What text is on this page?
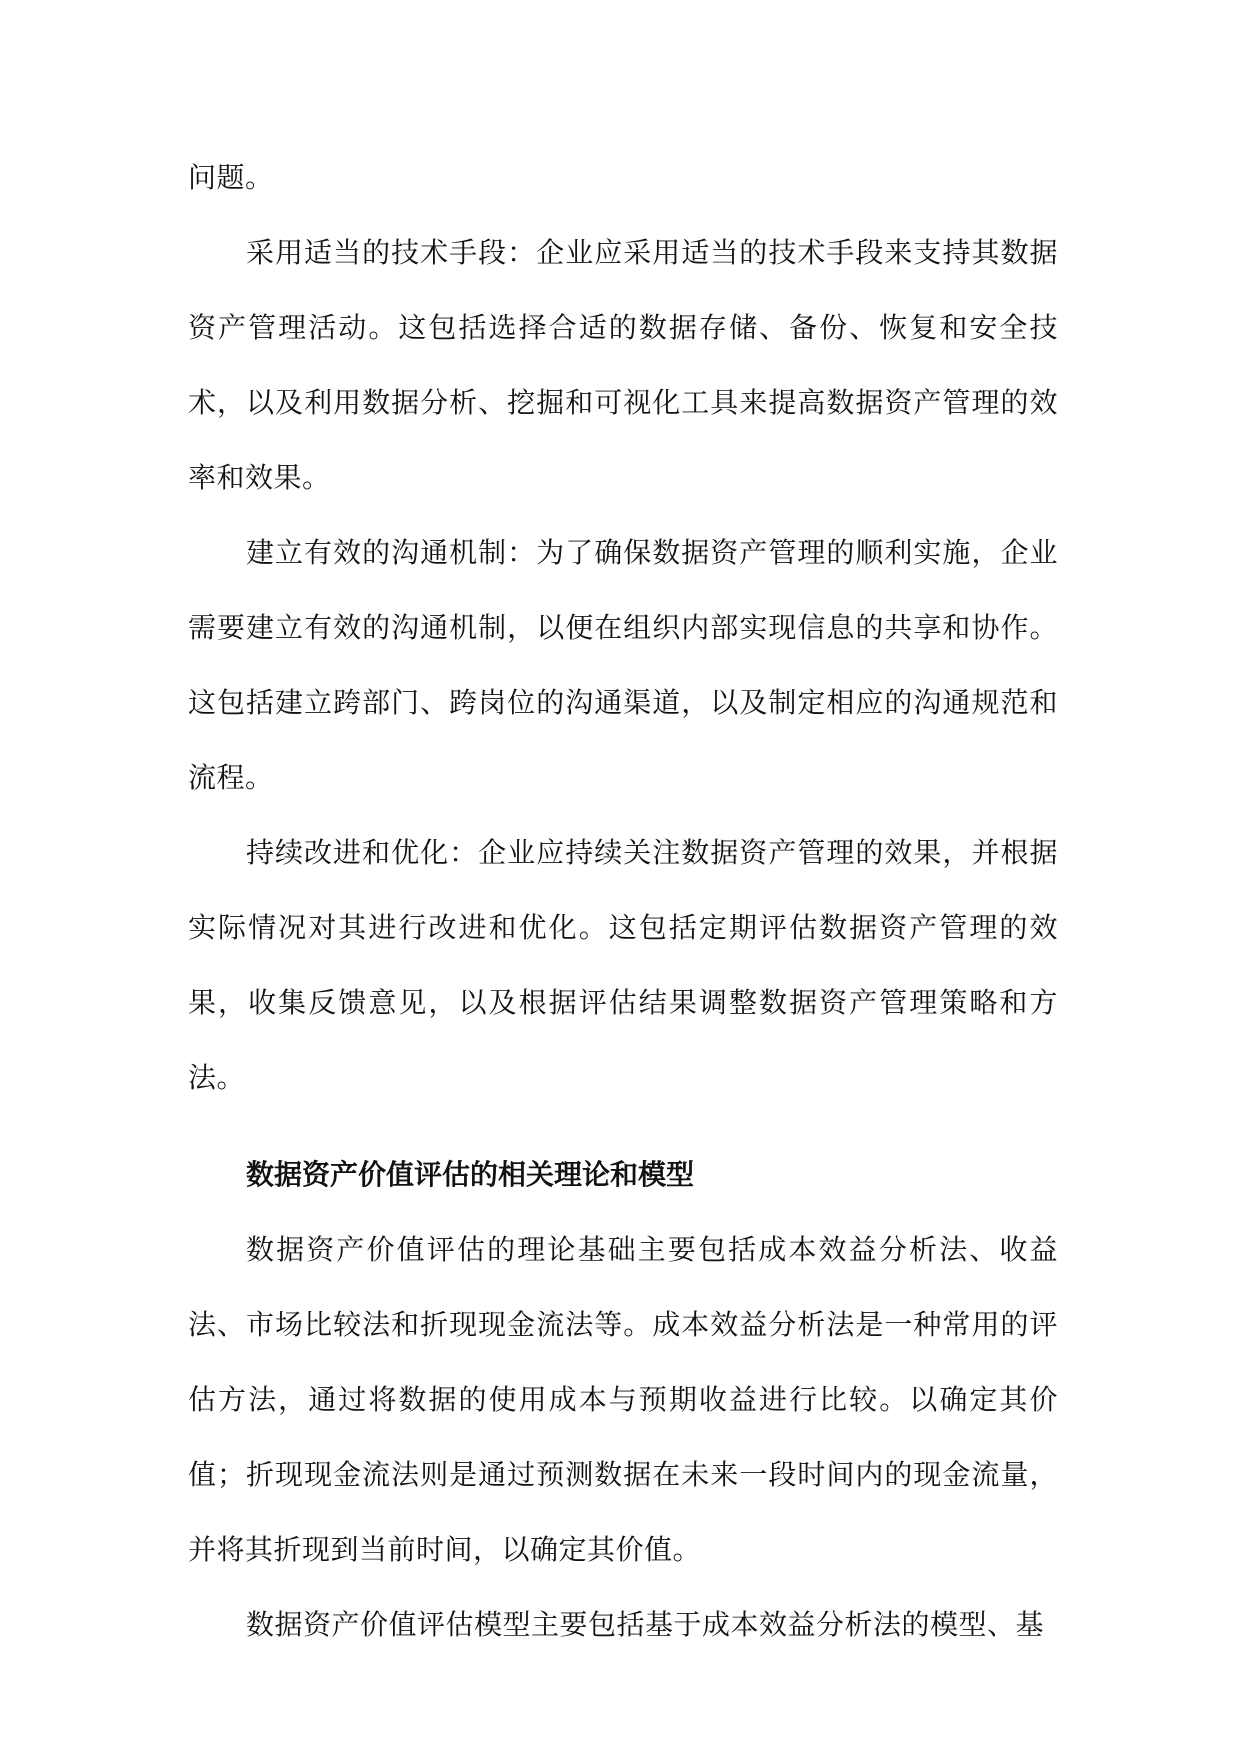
问题。

采用适当的技术手段：企业应采用适当的技术手段来支持其数据资产管理活动。这包括选择合适的数据存储、备份、恢复和安全技术，以及利用数据分析、挖掘和可视化工具来提高数据资产管理的效率和效果。

建立有效的沟通机制：为了确保数据资产管理的顺利实施，企业需要建立有效的沟通机制，以便在组织内部实现信息的共享和协作。这包括建立跨部门、跨岗位的沟通渠道，以及制定相应的沟通规范和流程。

持续改进和优化：企业应持续关注数据资产管理的效果，并根据实际情况对其进行改进和优化。这包括定期评估数据资产管理的效果，收集反馈意见，以及根据评估结果调整数据资产管理策略和方法。

数据资产价值评估的相关理论和模型

数据资产价值评估的理论基础主要包括成本效益分析法、收益法、市场比较法和折现现金流法等。成本效益分析法是一种常用的评估方法，通过将数据的使用成本与预期收益进行比较。以确定其价值；折现现金流法则是通过预测数据在未来一段时间内的现金流量，并将其折现到当前时间，以确定其价值。

数据资产价值评估模型主要包括基于成本效益分析法的模型、基
